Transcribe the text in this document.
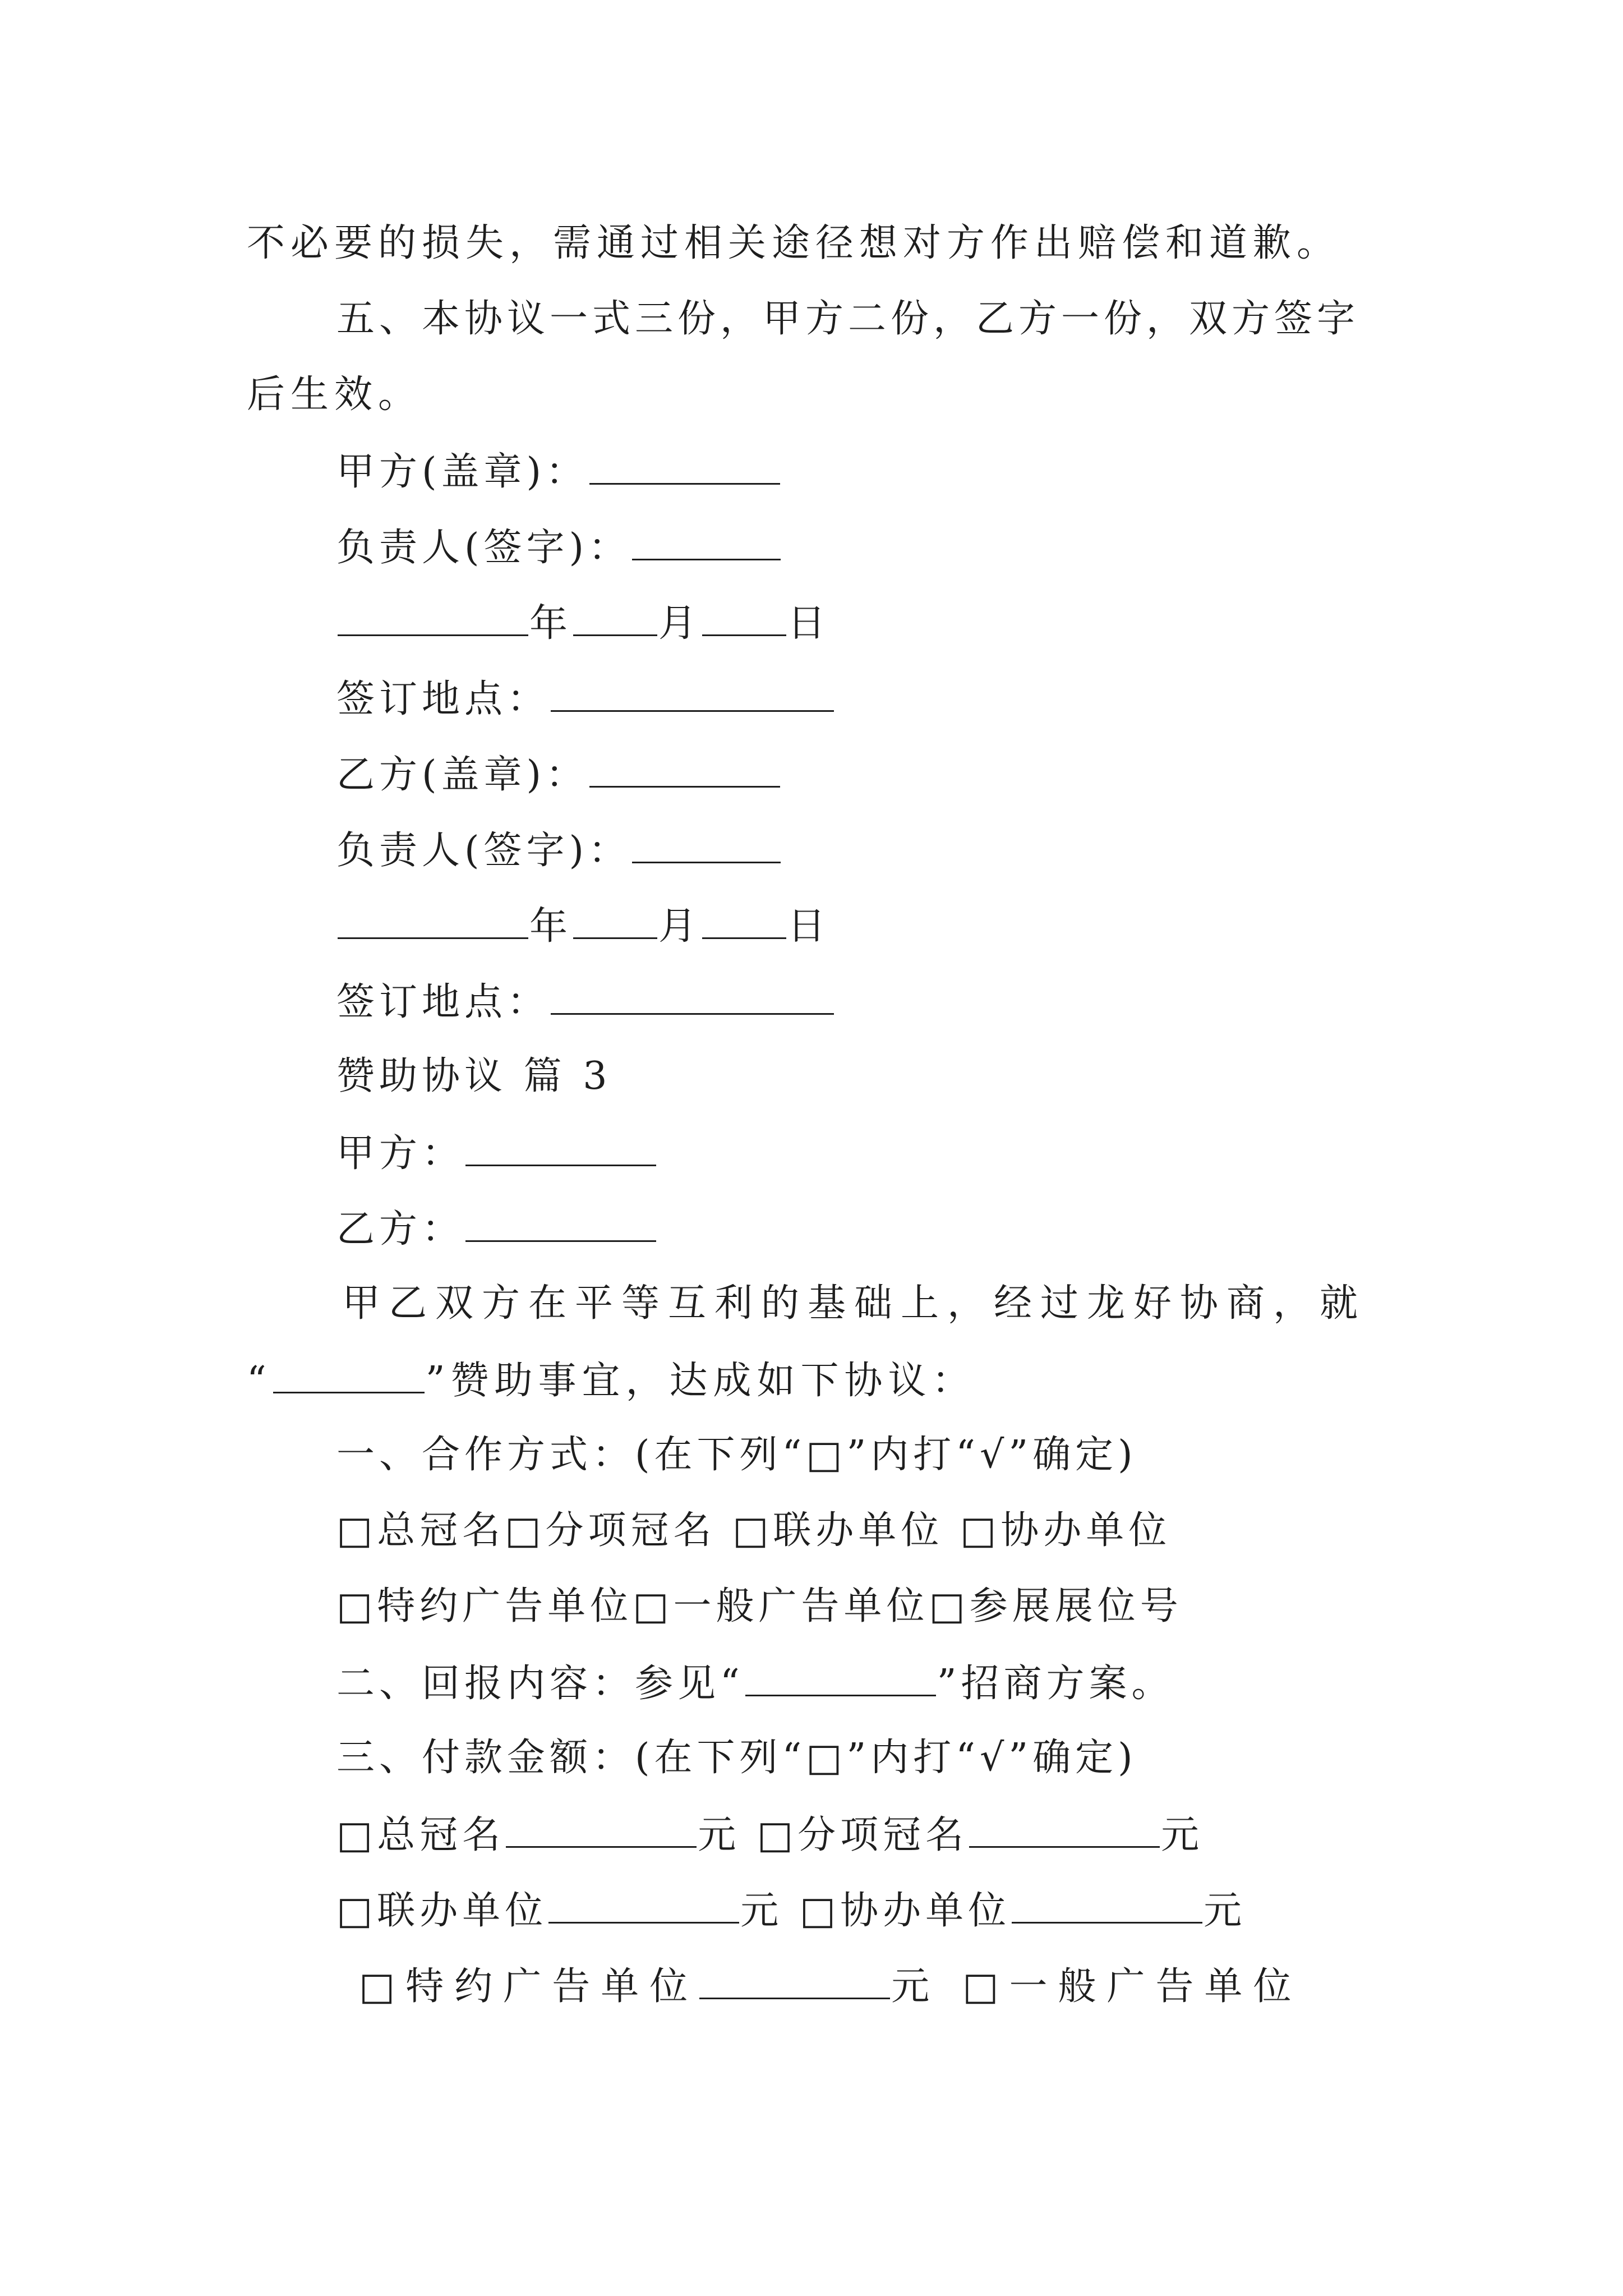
不必要的损失，需通过相关途径想对方作出赔偿和道歉。
五、本协议一式三份，甲方二份，乙方一份，双方签字
后生效。
甲方(盖章)：
负责人(签字)：
年 月 日
签订地点：
乙方(盖章)：
负责人(签字)：
年 月 日
签订地点：
赞助协议 篇 3
甲方：
乙方：
甲乙双方在平等互利的基础上，经过龙好协商，就
“	”赞助事宜，达成如下协议：
一、合作方式：(在下列“□”内打“√”确定)
□总冠名□分项冠名 □联办单位 □协办单位
□特约广告单位□一般广告单位□参展展位号
二、回报内容：参见“	”招商方案。
三、付款金额：(在下列“□”内打“√”确定)
□总冠名	元 □分项冠名	元
□联办单位	元 □协办单位	元
□特约广告单位	元 □一般广告单位
